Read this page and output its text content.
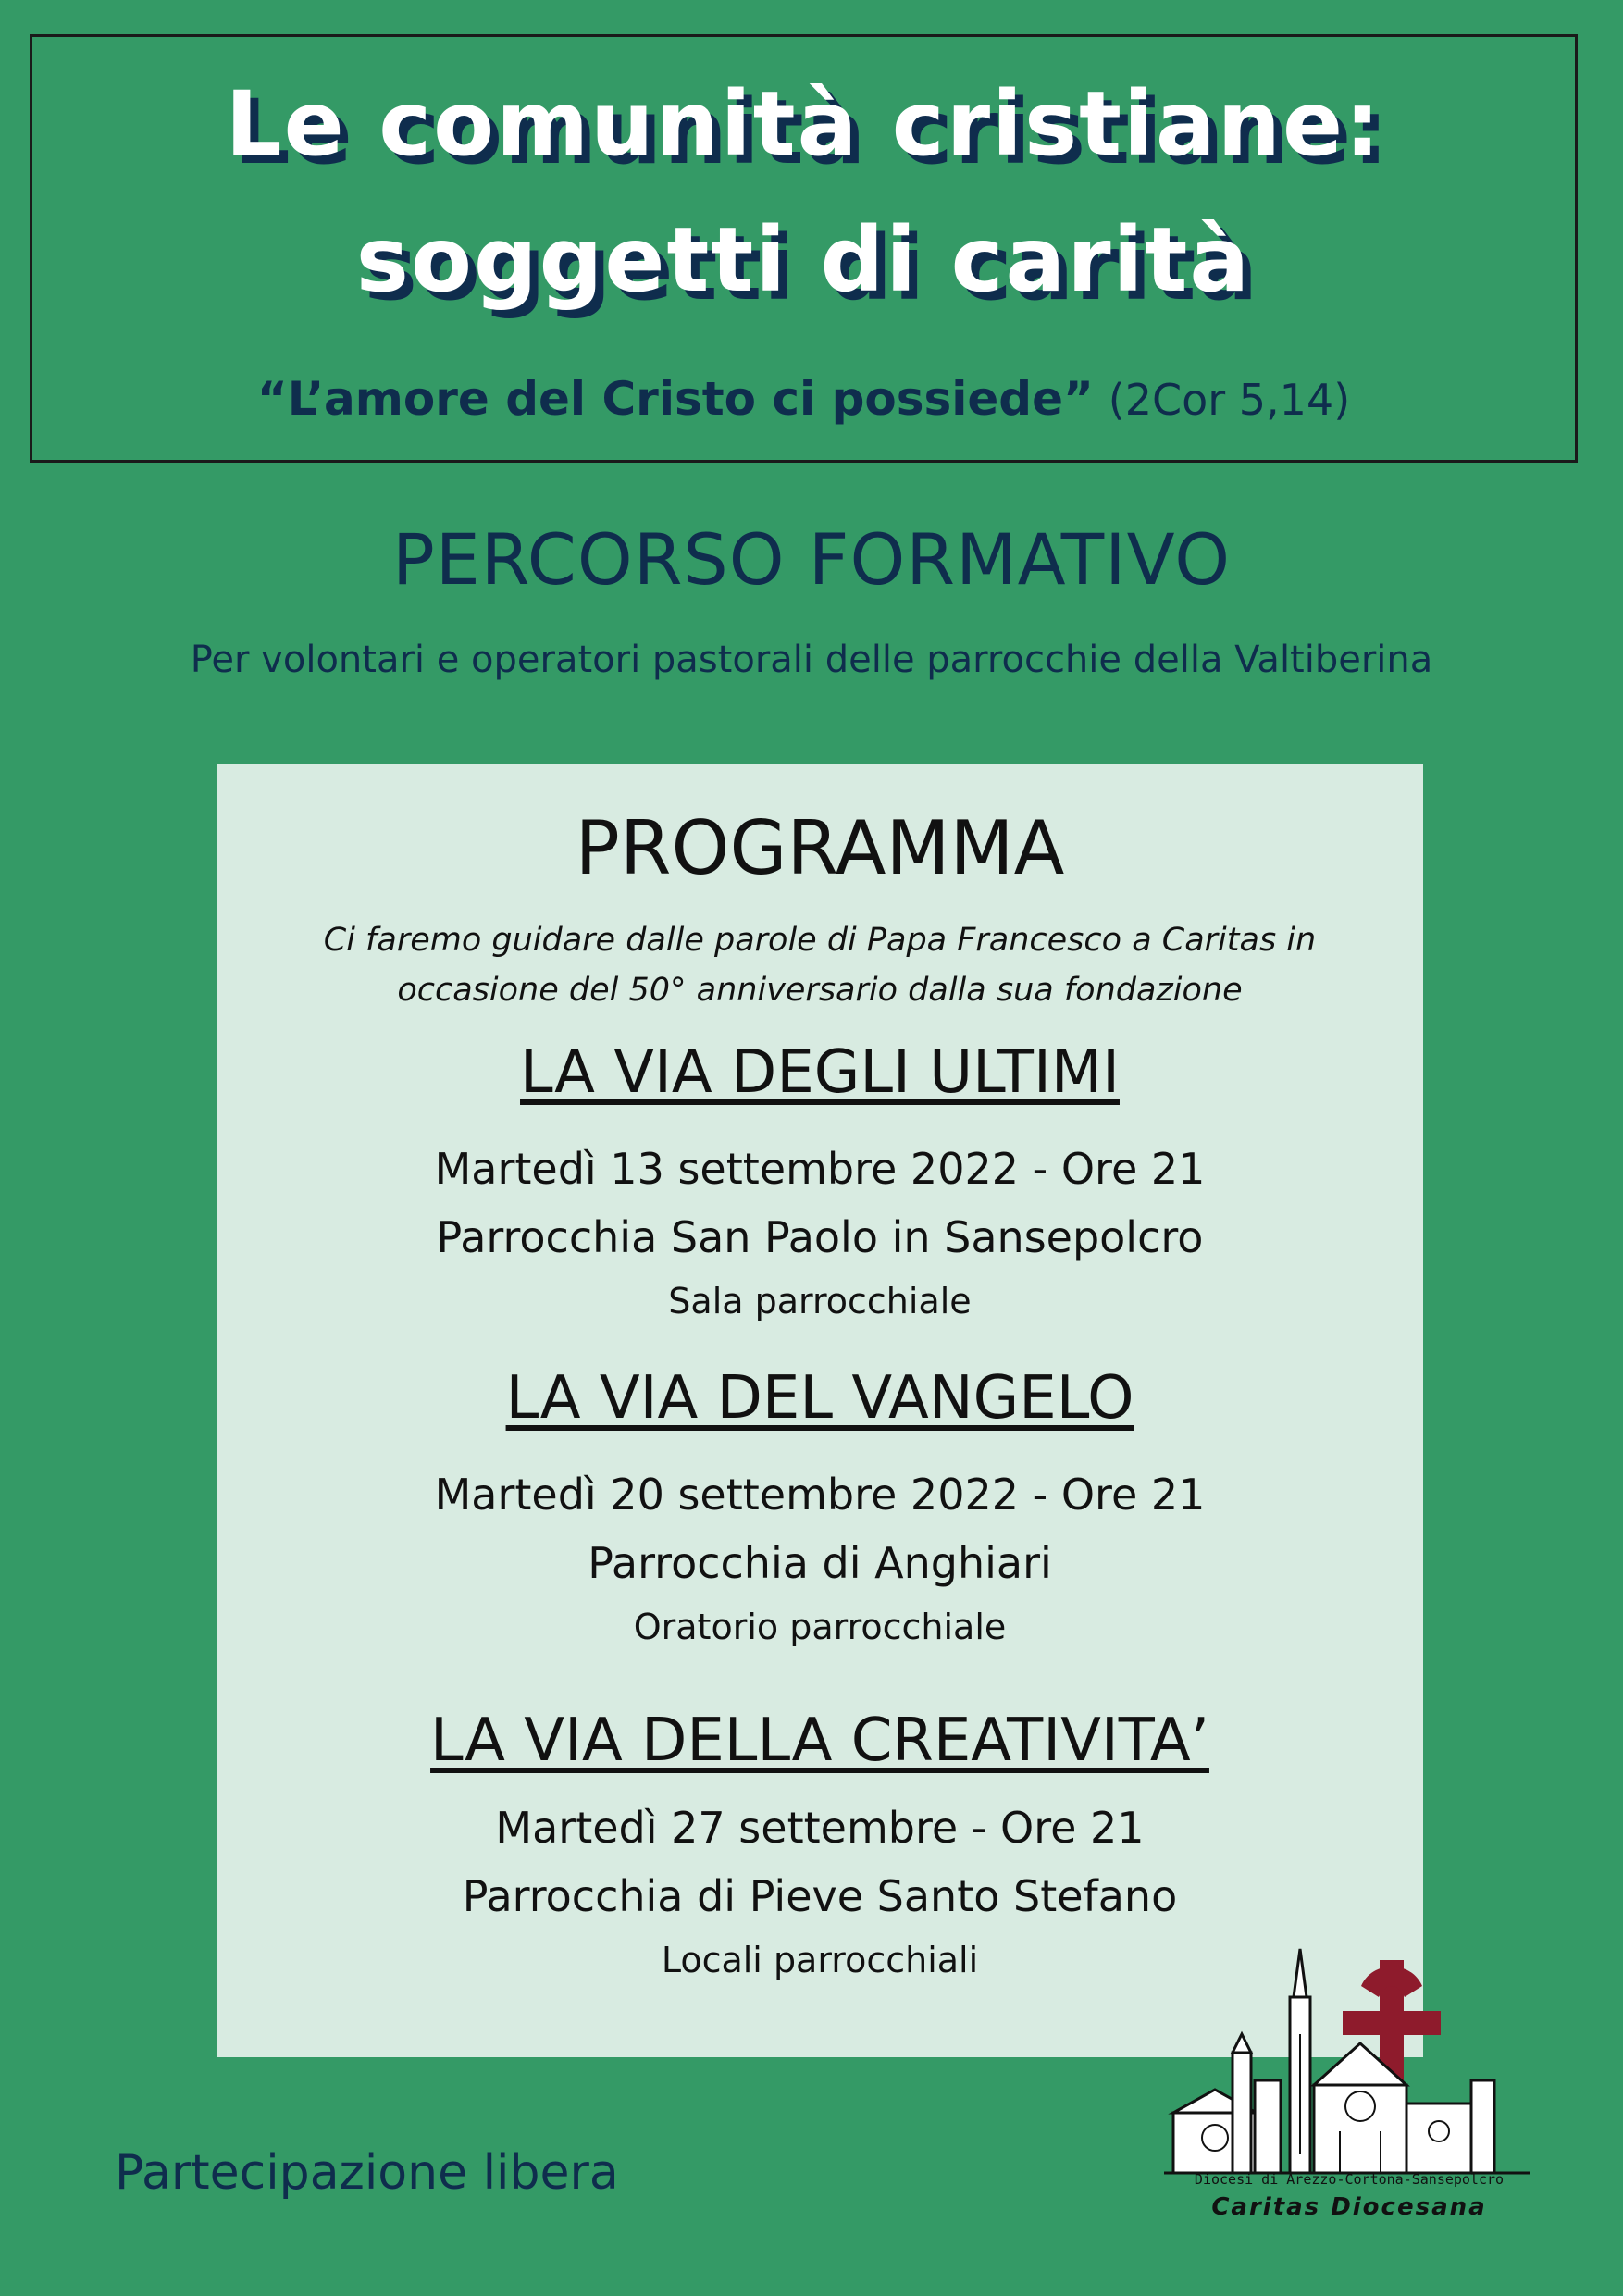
Le comunità cristiane:
soggetti di carità
“L’amore del Cristo ci possiede” (2Cor 5,14)
PERCORSO FORMATIVO
Per volontari e operatori pastorali delle parrocchie della Valtiberina
PROGRAMMA
Ci faremo guidare dalle parole di Papa Francesco a Caritas in
occasione del 50° anniversario dalla sua fondazione
LA VIA DEGLI ULTIMI
Martedì 13 settembre 2022 - Ore 21
Parrocchia San Paolo in Sansepolcro
Sala parrocchiale
LA VIA DEL VANGELO
Martedì 20 settembre 2022 - Ore 21
Parrocchia di Anghiari
Oratorio parrocchiale
LA VIA DELLA CREATIVITA’
Martedì 27 settembre - Ore 21
Parrocchia di Pieve Santo Stefano
Locali parrocchiali
Partecipazione libera	Diocesi di Arezzo-Cortona-Sansepolcro
Caritas Diocesana
